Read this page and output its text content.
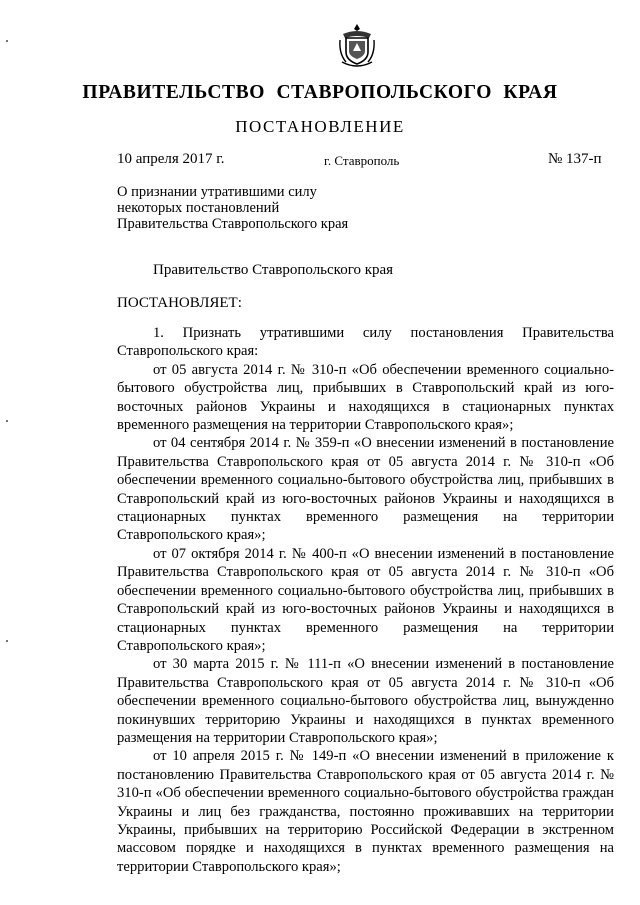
ПРАВИТЕЛЬСТВО СТАВРОПОЛЬСКОГО КРАЯ
ПОСТАНОВЛЕНИЕ
10 апреля 2017 г.	г. Ставрополь	№ 137-п
О признании утратившими силу
некоторых постановлений
Правительства Ставропольского края
Правительство Ставропольского края
ПОСТАНОВЛЯЕТ:

1. Признать утратившими силу постановления Правительства Ставропольского края:

от 05 августа 2014 г. № 310-п «Об обеспечении временного социально-бытового обустройства лиц, прибывших в Ставропольский край из юго-восточных районов Украины и находящихся в стационарных пунктах временного размещения на территории Ставропольского края»;

от 04 сентября 2014 г. № 359-п «О внесении изменений в постановление Правительства Ставропольского края от 05 августа 2014 г. № 310-п «Об обеспечении временного социально-бытового обустройства лиц, прибывших в Ставропольский край из юго-восточных районов Украины и находящихся в стационарных пунктах временного размещения на территории Ставропольского края»;

от 07 октября 2014 г. № 400-п «О внесении изменений в постановление Правительства Ставропольского края от 05 августа 2014 г. № 310-п «Об обеспечении временного социально-бытового обустройства лиц, прибывших в Ставропольский край из юго-восточных районов Украины и находящихся в стационарных пунктах временного размещения на территории Ставропольского края»;

от 30 марта 2015 г. № 111-п «О внесении изменений в постановление Правительства Ставропольского края от 05 августа 2014 г. № 310-п «Об обеспечении временного социально-бытового обустройства лиц, вынужденно покинувших территорию Украины и находящихся в пунктах временного размещения на территории Ставропольского края»;

от 10 апреля 2015 г. № 149-п «О внесении изменений в приложение к постановлению Правительства Ставропольского края от 05 августа 2014 г. № 310-п «Об обеспечении временного социально-бытового обустройства граждан Украины и лиц без гражданства, постоянно проживавших на территории Украины, прибывших на территорию Российской Федерации в экстренном массовом порядке и находящихся в пунктах временного размещения на территории Ставропольского края»;
